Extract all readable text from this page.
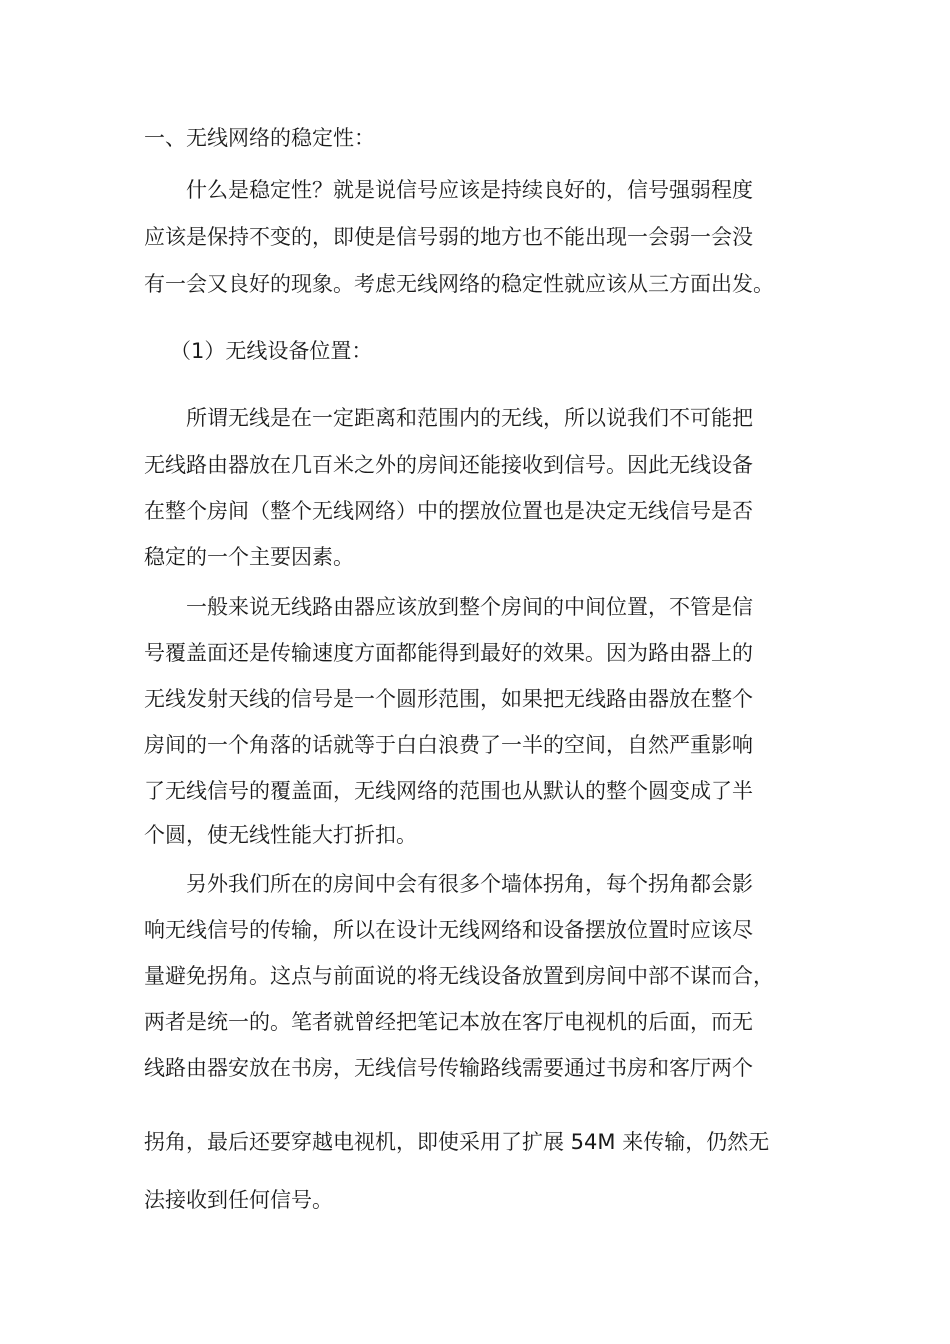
一、无线网络的稳定性：
什么是稳定性？就是说信号应该是持续良好的，信号强弱程度
应该是保持不变的，即使是信号弱的地方也不能出现一会弱一会没
有一会又良好的现象。考虑无线网络的稳定性就应该从三方面出发。
（1）无线设备位置：
所谓无线是在一定距离和范围内的无线，所以说我们不可能把
无线路由器放在几百米之外的房间还能接收到信号。因此无线设备
在整个房间（整个无线网络）中的摆放位置也是决定无线信号是否
稳定的一个主要因素。
一般来说无线路由器应该放到整个房间的中间位置，不管是信
号覆盖面还是传输速度方面都能得到最好的效果。因为路由器上的
无线发射天线的信号是一个圆形范围，如果把无线路由器放在整个
房间的一个角落的话就等于白白浪费了一半的空间，自然严重影响
了无线信号的覆盖面，无线网络的范围也从默认的整个圆变成了半
个圆，使无线性能大打折扣。
另外我们所在的房间中会有很多个墙体拐角，每个拐角都会影
响无线信号的传输，所以在设计无线网络和设备摆放位置时应该尽
量避免拐角。这点与前面说的将无线设备放置到房间中部不谋而合，
两者是统一的。笔者就曾经把笔记本放在客厅电视机的后面，而无
线路由器安放在书房，无线信号传输路线需要通过书房和客厅两个
拐角，最后还要穿越电视机，即使采用了扩展 54M 来传输，仍然无
法接收到任何信号。
